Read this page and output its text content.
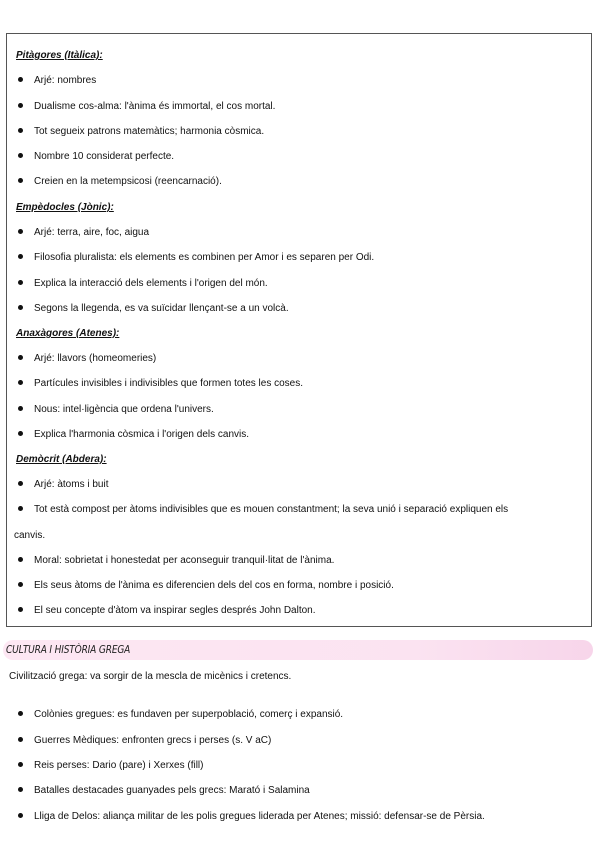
Pitàgores (Itàlica):
Arjé: nombres
Dualisme cos-alma: l'ànima és immortal, el cos mortal.
Tot segueix patrons matemàtics; harmonia còsmica.
Nombre 10 considerat perfecte.
Creien en la metempsicosi (reencarnació).
Empèdocles (Jònic):
Arjé: terra, aire, foc, aigua
Filosofia pluralista: els elements es combinen per Amor i es separen per Odi.
Explica la interacció dels elements i l'origen del món.
Segons la llegenda, es va suïcidar llençant-se a un volcà.
Anaxàgores (Atenes):
Arjé: llavors (homeomeries)
Partícules invisibles i indivisibles que formen totes les coses.
Nous: intel·ligència que ordena l'univers.
Explica l'harmonia còsmica i l'origen dels canvis.
Demòcrit (Abdera):
Arjé: àtoms i buit
Tot està compost per àtoms indivisibles que es mouen constantment; la seva unió i separació expliquen els
canvis.
Moral: sobrietat i honestedat per aconseguir tranquil·litat de l'ànima.
Els seus àtoms de l'ànima es diferencien dels del cos en forma, nombre i posició.
El seu concepte d'àtom va inspirar segles després John Dalton.
CULTURA I HISTÒRIA GREGA
Civilització grega: va sorgir de la mescla de micènics i cretencs.
Colònies gregues: es fundaven per superpoblació, comerç i expansió.
Guerres Mèdiques: enfronten grecs i perses (s. V aC)
Reis perses: Dario (pare) i Xerxes (fill)
Batalles destacades guanyades pels grecs: Marató i Salamina
Lliga de Delos: aliança militar de les polis gregues liderada per Atenes; missió: defensar-se de Pèrsia.
